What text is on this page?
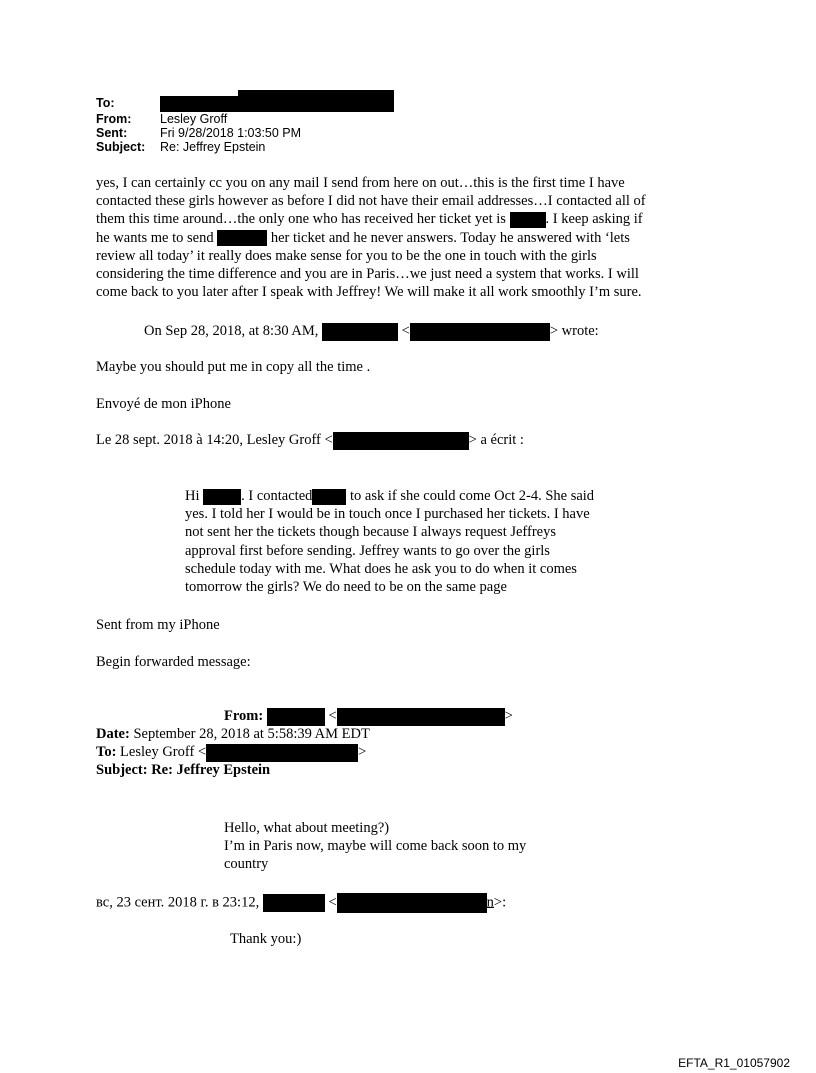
To:
From:	Lesley Groff
Sent:	Fri 9/28/2018 1:03:50 PM
Subject:	Re: Jeffrey Epstein
yes, I can certainly cc you on any mail I send from here on out…this is the first time I have
contacted these girls however as before I did not have their email addresses…I contacted all of
them this time around…the only one who has received her ticket yet is	. I keep asking if
he wants me to send	her ticket and he never answers. Today he answered with ‘lets
review all today’ it really does make sense for you to be the one in touch with the girls
considering the time difference and you are in Paris…we just need a system that works. I will
come back to you later after I speak with Jeffrey! We will make it all work smoothly I’m sure.
On Sep 28, 2018, at 8:30 AM,	<	> wrote:
Maybe you should put me in copy all the time .
Envoyé de mon iPhone
Le 28 sept. 2018 à 14:20, Lesley Groff <	> a écrit :
Hi	. I contacted	to ask if she could come Oct 2-4. She said
yes. I told her I would be in touch once I purchased her tickets. I have
not sent her the tickets though because I always request Jeffreys
approval first before sending. Jeffrey wants to go over the girls
schedule today with me. What does he ask you to do when it comes
tomorrow the girls? We do need to be on the same page
Sent from my iPhone
Begin forwarded message:
From:	<	>
Date: September 28, 2018 at 5:58:39 AM EDT
To: Lesley Groff <	>
Subject: Re: Jeffrey Epstein
Hello, what about meeting?)
I’m in Paris now, maybe will come back soon to my
country
вс, 23 сент. 2018 г. в 23:12,	<	n>:
Thank you:)
EFTA_R1_01057902
